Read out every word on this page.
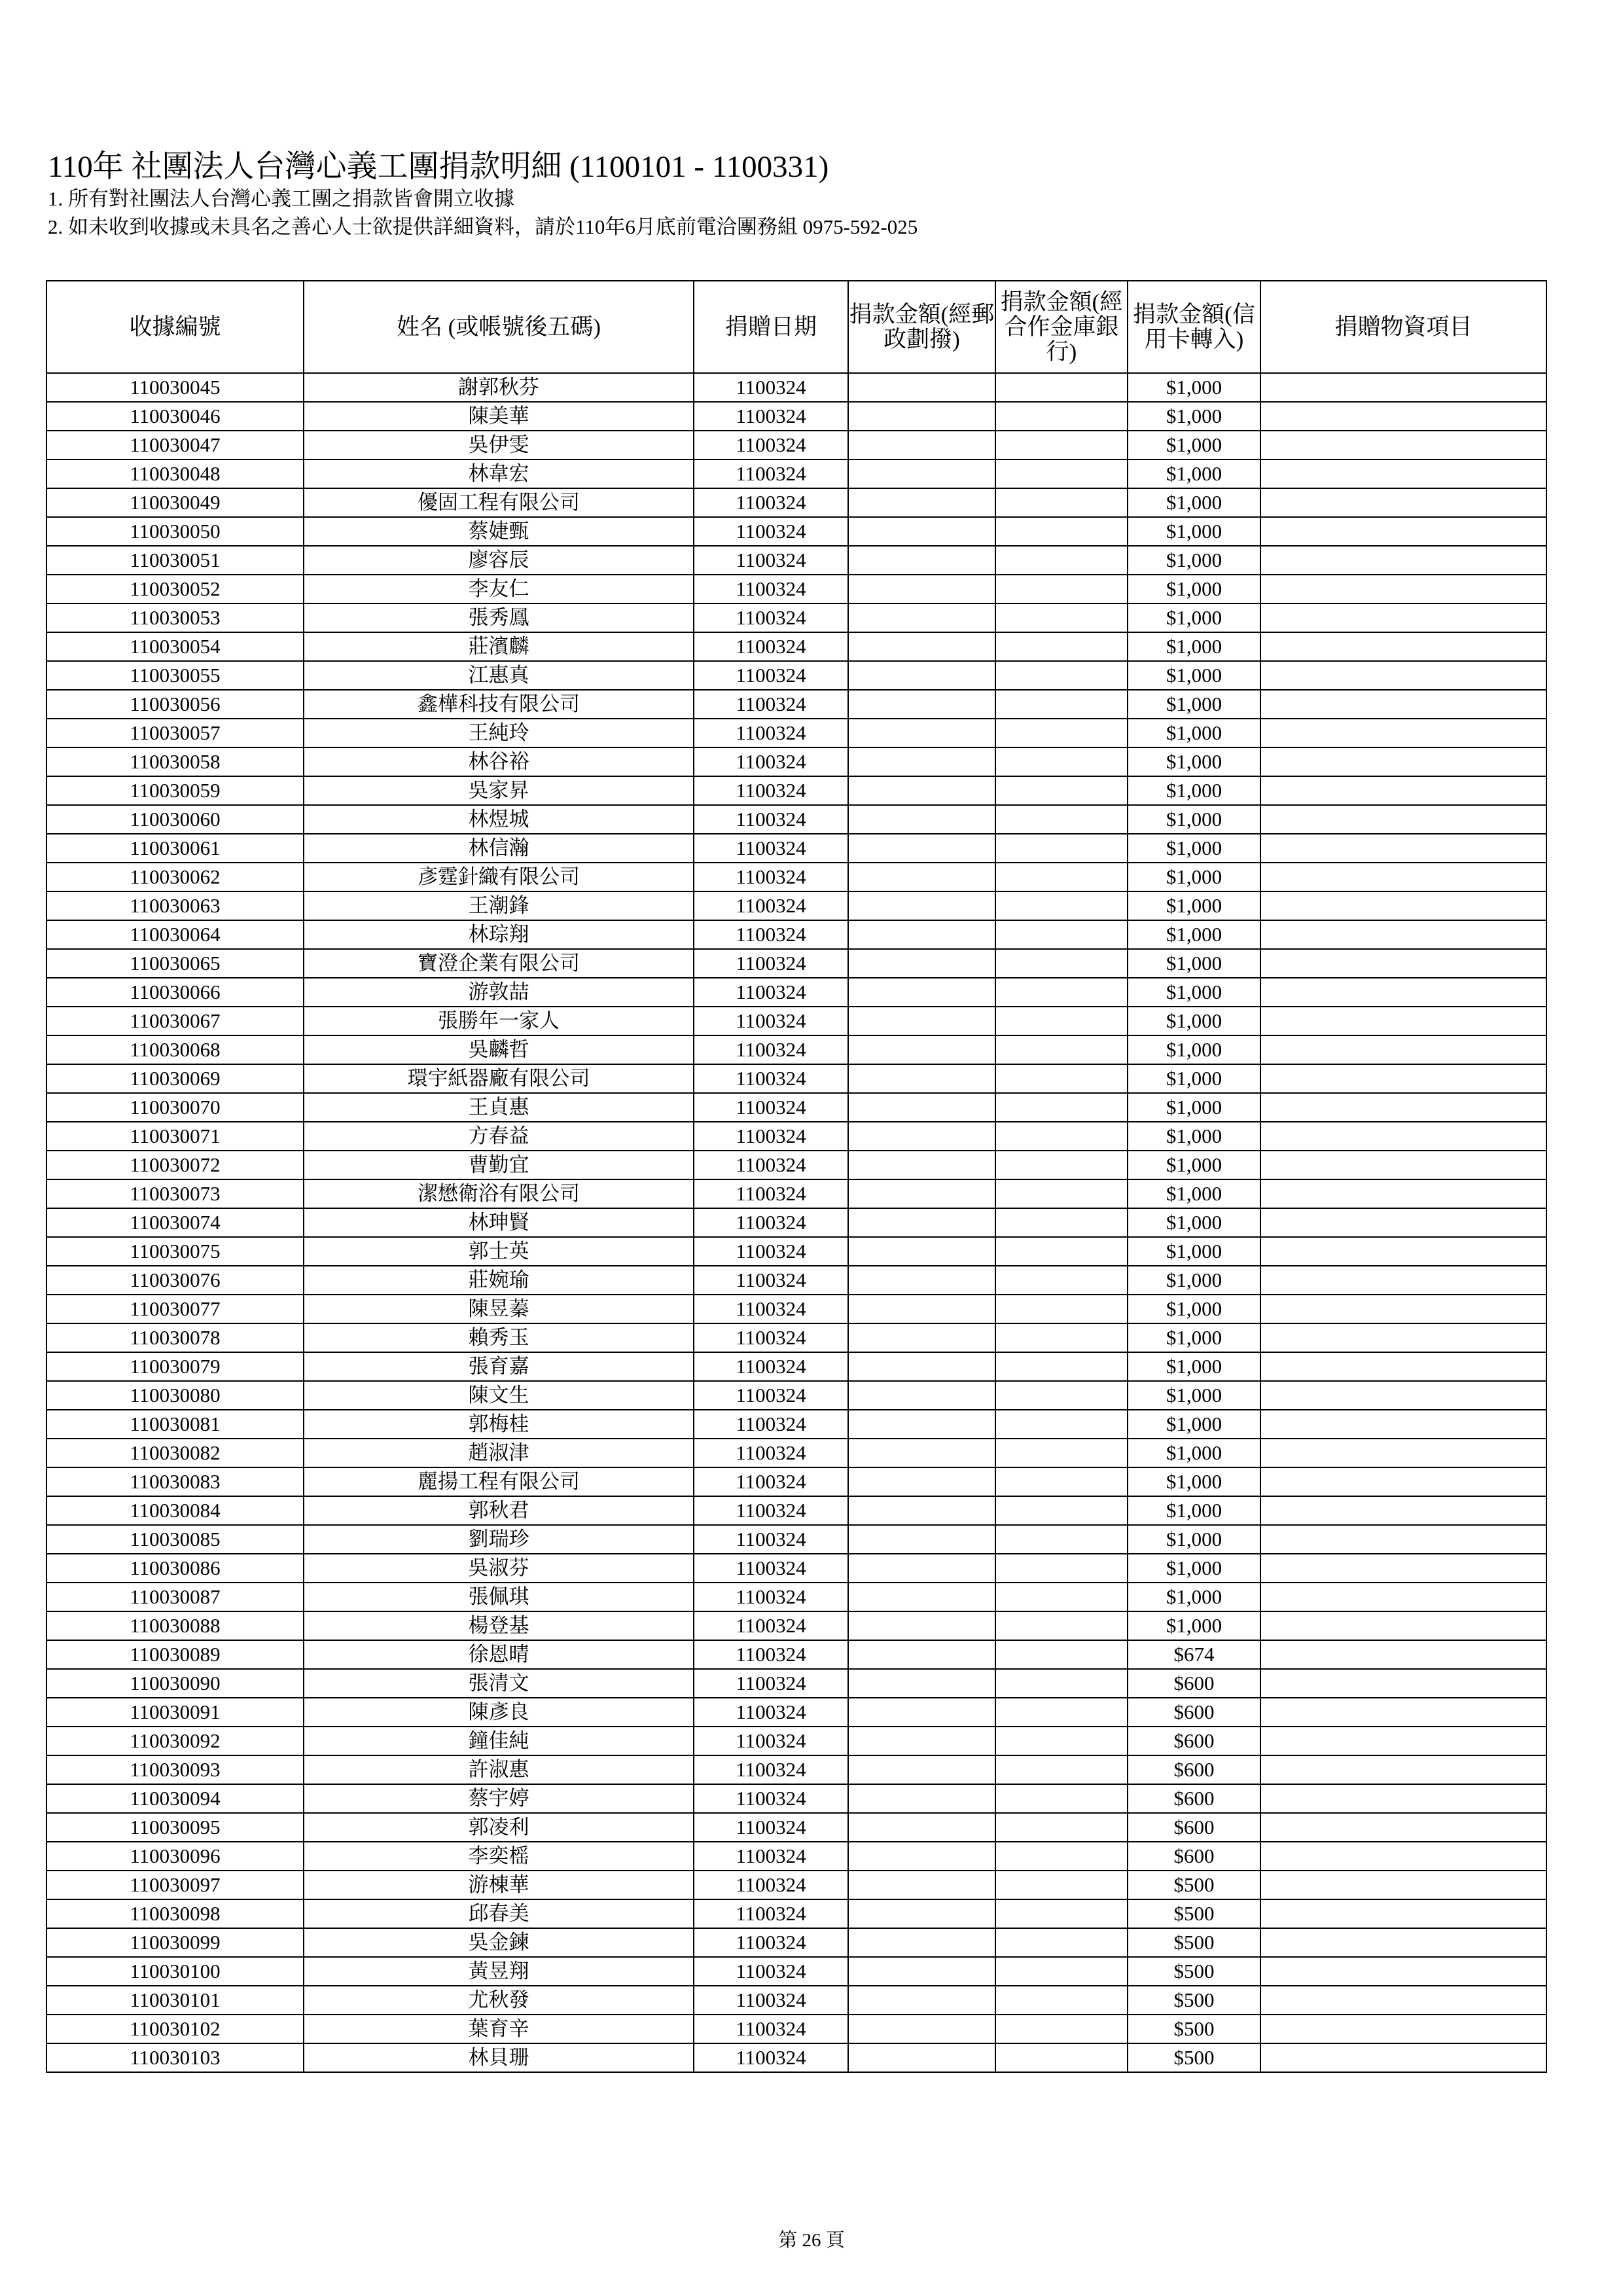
110年 社團法人台灣心義工團捐款明細 (1100101 - 1100331)
1. 所有對社團法人台灣心義工團之捐款皆會開立收據
2. 如未收到收據或未具名之善心人士欲提供詳細資料，請於110年6月底前電洽團務組 0975-592-025
收據編號	姓名 (或帳號後五碼)	捐贈日期	捐款金額(經郵政劃撥)	捐款金額(經合作金庫銀行)	捐款金額(信用卡轉入)	捐贈物資項目
110030045	謝郭秋芬	1100324			$1,000	
110030046	陳美華	1100324			$1,000	
110030047	吳伊雯	1100324			$1,000	
110030048	林韋宏	1100324			$1,000	
110030049	優固工程有限公司	1100324			$1,000	
110030050	蔡婕甄	1100324			$1,000	
110030051	廖容辰	1100324			$1,000	
110030052	李友仁	1100324			$1,000	
110030053	張秀鳳	1100324			$1,000	
110030054	莊濱麟	1100324			$1,000	
110030055	江惠真	1100324			$1,000	
110030056	鑫樺科技有限公司	1100324			$1,000	
110030057	王純玲	1100324			$1,000	
110030058	林谷裕	1100324			$1,000	
110030059	吳家昇	1100324			$1,000	
110030060	林煜城	1100324			$1,000	
110030061	林信瀚	1100324			$1,000	
110030062	彥霆針織有限公司	1100324			$1,000	
110030063	王潮鋒	1100324			$1,000	
110030064	林琮翔	1100324			$1,000	
110030065	寶澄企業有限公司	1100324			$1,000	
110030066	游敦喆	1100324			$1,000	
110030067	張勝年一家人	1100324			$1,000	
110030068	吳麟哲	1100324			$1,000	
110030069	環宇紙器廠有限公司	1100324			$1,000	
110030070	王貞惠	1100324			$1,000	
110030071	方春益	1100324			$1,000	
110030072	曹勤宜	1100324			$1,000	
110030073	潔懋衛浴有限公司	1100324			$1,000	
110030074	林珅賢	1100324			$1,000	
110030075	郭士英	1100324			$1,000	
110030076	莊婉瑜	1100324			$1,000	
110030077	陳昱蓁	1100324			$1,000	
110030078	賴秀玉	1100324			$1,000	
110030079	張育嘉	1100324			$1,000	
110030080	陳文生	1100324			$1,000	
110030081	郭梅桂	1100324			$1,000	
110030082	趙淑津	1100324			$1,000	
110030083	麗揚工程有限公司	1100324			$1,000	
110030084	郭秋君	1100324			$1,000	
110030085	劉瑞珍	1100324			$1,000	
110030086	吳淑芬	1100324			$1,000	
110030087	張佩琪	1100324			$1,000	
110030088	楊登基	1100324			$1,000	
110030089	徐恩晴	1100324			$674	
110030090	張清文	1100324			$600	
110030091	陳彥良	1100324			$600	
110030092	鐘佳純	1100324			$600	
110030093	許淑惠	1100324			$600	
110030094	蔡宇婷	1100324			$600	
110030095	郭凌利	1100324			$600	
110030096	李奕榣	1100324			$600	
110030097	游棟華	1100324			$500	
110030098	邱春美	1100324			$500	
110030099	吳金鍊	1100324			$500	
110030100	黃昱翔	1100324			$500	
110030101	尤秋發	1100324			$500	
110030102	葉育辛	1100324			$500	
110030103	林貝珊	1100324			$500	
第 26 頁
